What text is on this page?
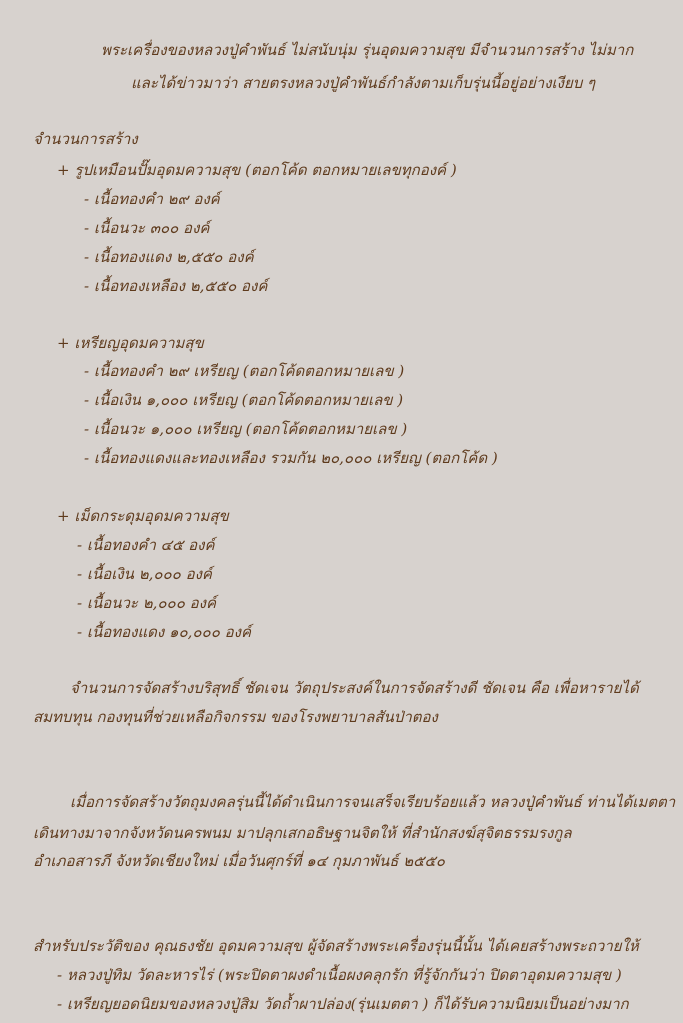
พระเครื่องของหลวงปู่คำพันธ์ ไม่สนับนุ่ม รุ่นอุดมความสุข มีจำนวนการสร้าง ไม่มาก
และได้ข่าวมาว่า สายตรงหลวงปู่คำพันธ์กำลังตามเก็บรุ่นนี้อยู่อย่างเงียบ ๆ
จำนวนการสร้าง
+ รูปเหมือนปั๊มอุดมความสุข (ตอกโค้ด ตอกหมายเลขทุกองค์ )
- เนื้อทองคำ ๒๙ องค์
- เนื้อนวะ ๓๐๐ องค์
- เนื้อทองแดง ๒,๕๕๐ องค์
- เนื้อทองเหลือง ๒,๕๕๐ องค์
+ เหรียญอุดมความสุข
- เนื้อทองคำ ๒๙ เหรียญ (ตอกโค้ดตอกหมายเลข )
- เนื้อเงิน ๑,๐๐๐ เหรียญ (ตอกโค้ดตอกหมายเลข )
- เนื้อนวะ ๑,๐๐๐ เหรียญ (ตอกโค้ดตอกหมายเลข )
- เนื้อทองแดงและทองเหลือง รวมกัน ๒๐,๐๐๐ เหรียญ (ตอกโค้ด )
+ เม็ดกระดุมอุดมความสุข
- เนื้อทองคำ ๔๕ องค์
- เนื้อเงิน ๒,๐๐๐ องค์
- เนื้อนวะ ๒,๐๐๐ องค์
- เนื้อทองแดง ๑๐,๐๐๐ องค์
จำนวนการจัดสร้างบริสุทธิ์ ชัดเจน วัตถุประสงค์ในการจัดสร้างดี ชัดเจน คือ เพื่อหารายได้
สมทบทุน กองทุนที่ช่วยเหลือกิจกรรม ของโรงพยาบาลสันป่าตอง
เมื่อการจัดสร้างวัตถุมงคลรุ่นนี้ได้ดำเนินการจนเสร็จเรียบร้อยแล้ว หลวงปู่คำพันธ์ ท่านได้เมตตา
เดินทางมาจากจังหวัดนครพนม มาปลุกเสกอธิษฐานจิตให้ ที่สำนักสงฆ์สุจิตธรรมรงกูล
อำเภอสารภี จังหวัดเชียงใหม่ เมื่อวันศุกร์ที่ ๑๔ กุมภาพันธ์ ๒๕๕๐
สำหรับประวัติของ คุณธงชัย อุดมความสุข ผู้จัดสร้างพระเครื่องรุ่นนี้นั้น ได้เคยสร้างพระถวายให้
- หลวงปู่ทิม วัดละหารไร่ (พระปิดตาผงดำเนื้อผงคลุกรัก ที่รู้จักกันว่า ปิดตาอุดมความสุข )
- เหรียญยอดนิยมของหลวงปู่สิม วัดถ้ำผาปล่อง(รุ่นเมตตา ) ก็ได้รับความนิยมเป็นอย่างมาก
